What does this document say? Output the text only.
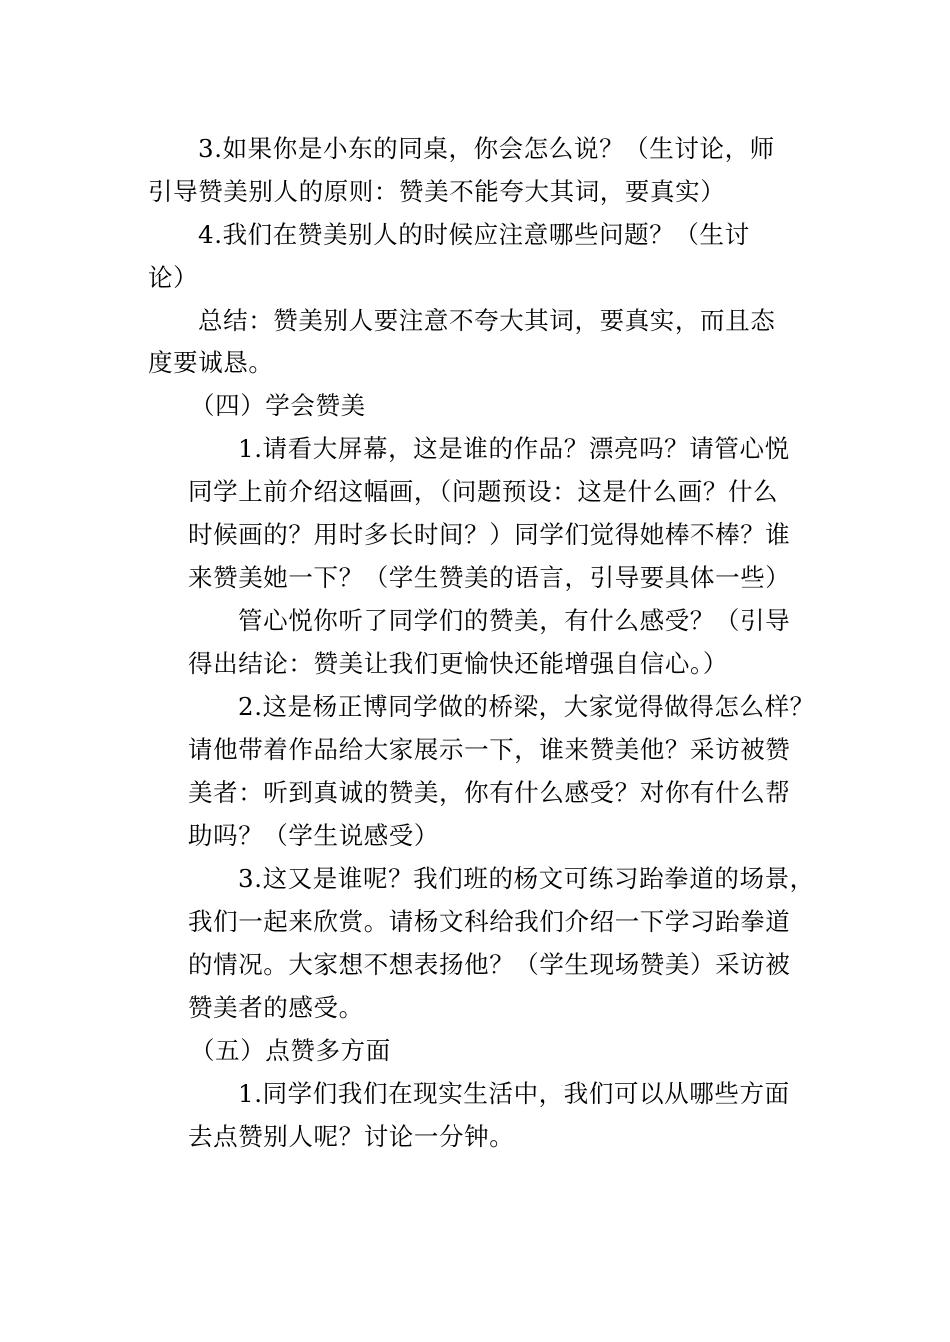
3.如果你是小东的同桌，你会怎么说？（生讨论，师
引导赞美别人的原则：赞美不能夸大其词，要真实）
4.我们在赞美别人的时候应注意哪些问题？（生讨
论）
总结：赞美别人要注意不夸大其词，要真实，而且态
度要诚恳。
（四）学会赞美
1.请看大屏幕，这是谁的作品？漂亮吗？请管心悦
同学上前介绍这幅画，（问题预设：这是什么画？什么
时候画的？用时多长时间？）同学们觉得她棒不棒？谁
来赞美她一下？（学生赞美的语言，引导要具体一些）
管心悦你听了同学们的赞美，有什么感受？（引导
得出结论：赞美让我们更愉快还能增强自信心。）
2.这是杨正博同学做的桥梁，大家觉得做得怎么样？
请他带着作品给大家展示一下，谁来赞美他？采访被赞
美者：听到真诚的赞美，你有什么感受？对你有什么帮
助吗？（学生说感受）
3.这又是谁呢？我们班的杨文可练习跆拳道的场景，
我们一起来欣赏。请杨文科给我们介绍一下学习跆拳道
的情况。大家想不想表扬他？（学生现场赞美）采访被
赞美者的感受。
（五）点赞多方面
1.同学们我们在现实生活中，我们可以从哪些方面
去点赞别人呢？讨论一分钟。
